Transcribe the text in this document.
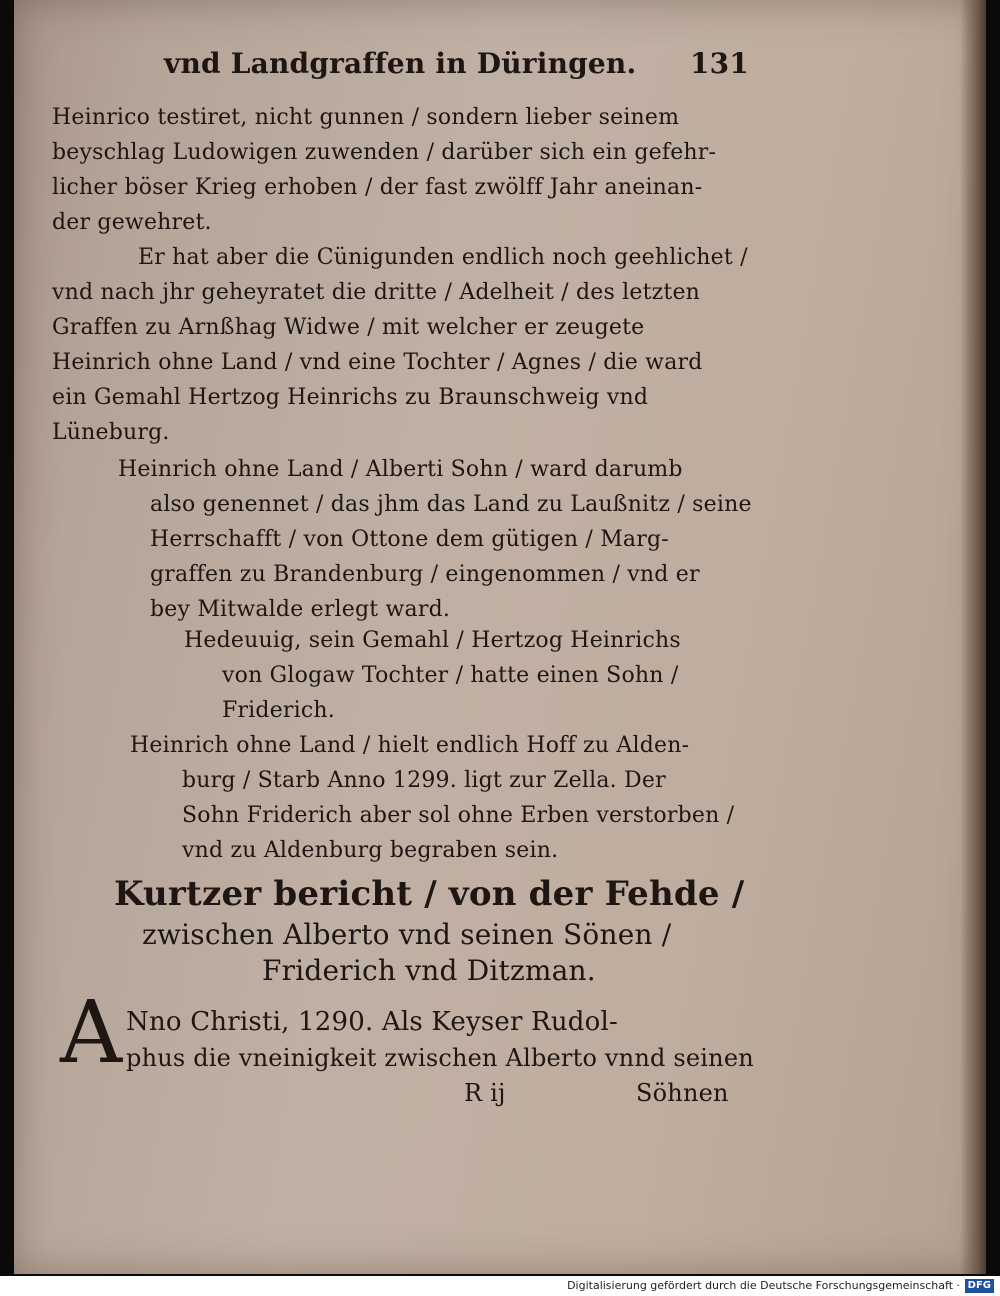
vnd Landgraffen in Düringen. 131
Heinrico testiret, nicht gunnen / sondern lieber seinem
beyschlag Ludowigen zuwenden / darüber sich ein gefehr-
licher böser Krieg erhoben / der fast zwölff Jahr aneinan-
der gewehret.
Er hat aber die Cünigunden endlich noch geehlichet /
vnd nach jhr geheyratet die dritte / Adelheit / des letzten
Graffen zu Arnßhag Widwe / mit welcher er zeugete
Heinrich ohne Land / vnd eine Tochter / Agnes / die ward
ein Gemahl Hertzog Heinrichs zu Braunschweig vnd
Lüneburg.
Heinrich ohne Land / Alberti Sohn / ward darumb
also genennet / das jhm das Land zu Laußnitz / seine
Herrschafft / von Ottone dem gütigen / Marg-
graffen zu Brandenburg / eingenommen / vnd er
bey Mitwalde erlegt ward.
Hedeuuig, sein Gemahl / Hertzog Heinrichs
von Glogaw Tochter / hatte einen Sohn /
Friderich.
Heinrich ohne Land / hielt endlich Hoff zu Alden-
burg / Starb Anno 1299. ligt zur Zella. Der
Sohn Friderich aber sol ohne Erben verstorben /
vnd zu Aldenburg begraben sein.
Kurtzer bericht / von der Fehde /
zwischen Alberto vnd seinen Sönen /
Friderich vnd Ditzman.
A Nno Christi, 1290. Als Keyser Rudol-
phus die vneinigkeit zwischen Alberto vnnd seinen
R ij	Söhnen
Digitalisierung gefördert durch die Deutsche Forschungsgemeinschaft · DFG
